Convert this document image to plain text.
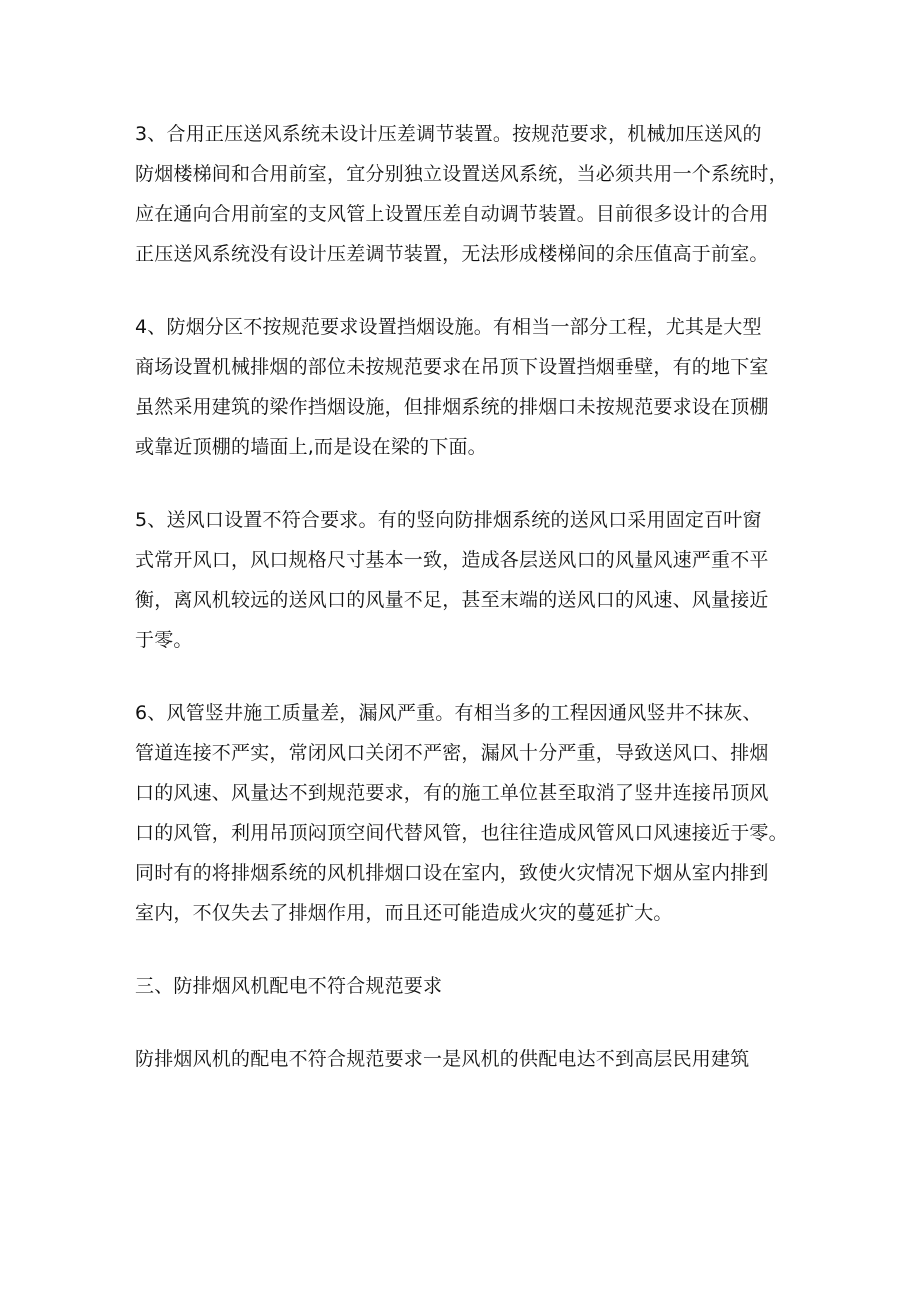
3、合用正压送风系统未设计压差调节装置。按规范要求，机械加压送风的
防烟楼梯间和合用前室，宜分别独立设置送风系统，当必须共用一个系统时，
应在通向合用前室的支风管上设置压差自动调节装置。目前很多设计的合用
正压送风系统没有设计压差调节装置，无法形成楼梯间的余压值高于前室。

4、防烟分区不按规范要求设置挡烟设施。有相当一部分工程，尤其是大型
商场设置机械排烟的部位未按规范要求在吊顶下设置挡烟垂壁，有的地下室
虽然采用建筑的梁作挡烟设施，但排烟系统的排烟口未按规范要求设在顶棚
或靠近顶棚的墙面上,而是设在梁的下面。

5、送风口设置不符合要求。有的竖向防排烟系统的送风口采用固定百叶窗
式常开风口，风口规格尺寸基本一致，造成各层送风口的风量风速严重不平
衡，离风机较远的送风口的风量不足，甚至末端的送风口的风速、风量接近
于零。

6、风管竖井施工质量差，漏风严重。有相当多的工程因通风竖井不抹灰、
管道连接不严实，常闭风口关闭不严密，漏风十分严重，导致送风口、排烟
口的风速、风量达不到规范要求，有的施工单位甚至取消了竖井连接吊顶风
口的风管，利用吊顶闷顶空间代替风管，也往往造成风管风口风速接近于零。
同时有的将排烟系统的风机排烟口设在室内，致使火灾情况下烟从室内排到
室内，不仅失去了排烟作用，而且还可能造成火灾的蔓延扩大。

三、防排烟风机配电不符合规范要求

防排烟风机的配电不符合规范要求一是风机的供配电达不到高层民用建筑
